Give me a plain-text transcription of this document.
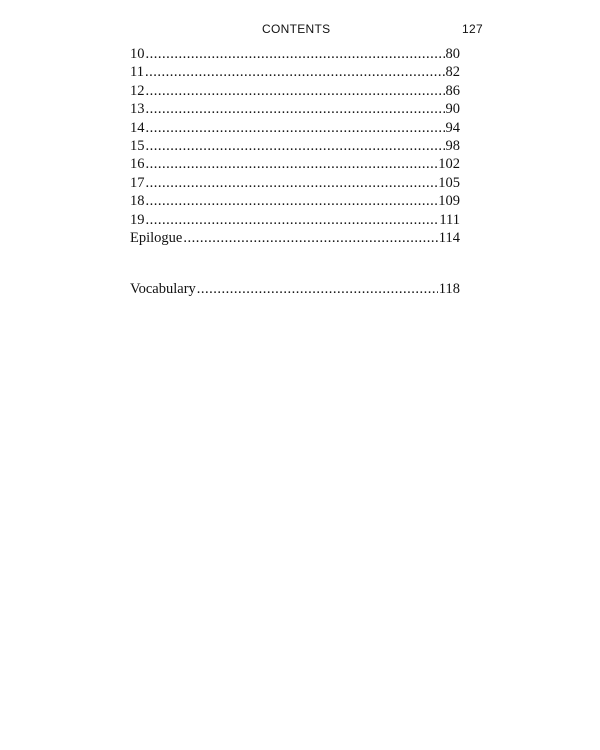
CONTENTS	127
10 .....	80
11 .....	82
12 .....	86
13 .....	90
14 .....	94
15 .....	98
16 .....	102
17 .....	105
18 .....	109
19 .....	111
Epilogue .....	114
Vocabulary .....	118
